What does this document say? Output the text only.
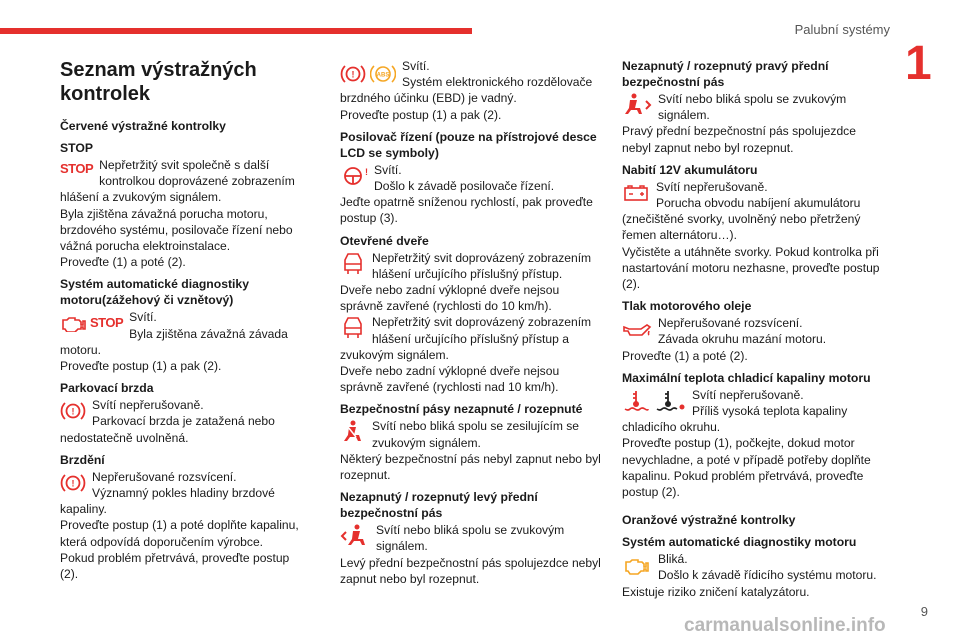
Palubní systémy
1
9
Seznam výstražných kontrolek
Červené výstražné kontrolky
STOP
STOP Nepřetržitý svit společně s další kontrolkou doprovázené zobrazením hlášení a zvukovým signálem.

Byla zjištěna závažná porucha motoru, brzdového systému, posilovače řízení nebo vážná porucha elektroinstalace.

Proveďte (1) a poté (2).

Systém automatické diagnostiky motoru(zážehový či vznětový)
STOP Svítí.

Byla zjištěna závažná závada motoru.

Proveďte postup (1) a pak (2).

Parkovací brzda
!	Svítí nepřerušovaně.

Parkovací brzda je zatažená nebo nedostatečně uvolněná.

Brzdění
!	Nepřerušované rozsvícení.

Významný pokles hladiny brzdové kapaliny.

Proveďte postup (1) a poté doplňte kapalinu, která odpovídá doporučením výrobce. Pokud problém přetrvává, proveďte postup (2).

!	ABS

Svítí.

Systém elektronického rozdělovače brzdného účinku (EBD) je vadný.

Proveďte postup (1) a pak (2).

Posilovač řízení (pouze na přístrojové desce LCD se symboly)
! Svítí.

Došlo k závadě posilovače řízení.

Jeďte opatrně sníženou rychlostí, pak proveďte postup (3).

Otevřené dveře

Nepřetržitý svit doprovázený zobrazením hlášení určujícího příslušný přístup.

Dveře nebo zadní výklopné dveře nejsou správně zavřené (rychlosti do 10 km/h).

Nepřetržitý svit doprovázený zobrazením hlášení určujícího příslušný přístup a zvukovým signálem.

Dveře nebo zadní výklopné dveře nejsou správně zavřené (rychlosti nad 10 km/h).

Bezpečnostní pásy nezapnuté / rozepnuté

Svítí nebo bliká spolu se zesilujícím se zvukovým signálem.

Některý bezpečnostní pás nebyl zapnut nebo byl rozepnut.

Nezapnutý / rozepnutý levý přední bezpečnostní pás

Svítí nebo bliká spolu se zvukovým signálem.

Levý přední bezpečnostní pás spolujezdce nebyl zapnut nebo byl rozepnut.

Nezapnutý / rozepnutý pravý přední bezpečnostní pás

Svítí nebo bliká spolu se zvukovým signálem.

Pravý přední bezpečnostní pás spolujezdce nebyl zapnut nebo byl rozepnut.

Nabití 12V akumulátoru

Svítí nepřerušovaně.

Porucha obvodu nabíjení akumulátoru (znečištěné svorky, uvolněný nebo přetržený řemen alternátoru…).

Vyčistěte a utáhněte svorky. Pokud kontrolka při nastartování motoru nezhasne, proveďte postup (2).

Tlak motorového oleje

Nepřerušované rozsvícení.

Závada okruhu mazání motoru.

Proveďte (1) a poté (2).

Maximální teplota chladicí kapaliny motoru

Svítí nepřerušovaně.

Příliš vysoká teplota kapaliny chladicího okruhu.

Proveďte postup (1), počkejte, dokud motor nevychladne, a poté v případě potřeby doplňte kapalinu. Pokud problém přetrvává, proveďte postup (2).

Oranžové výstražné kontrolky
Systém automatické diagnostiky motoru

Bliká.

Došlo k závadě řídicího systému motoru.

Existuje riziko zničení katalyzátoru.

carmanualsonline.info
